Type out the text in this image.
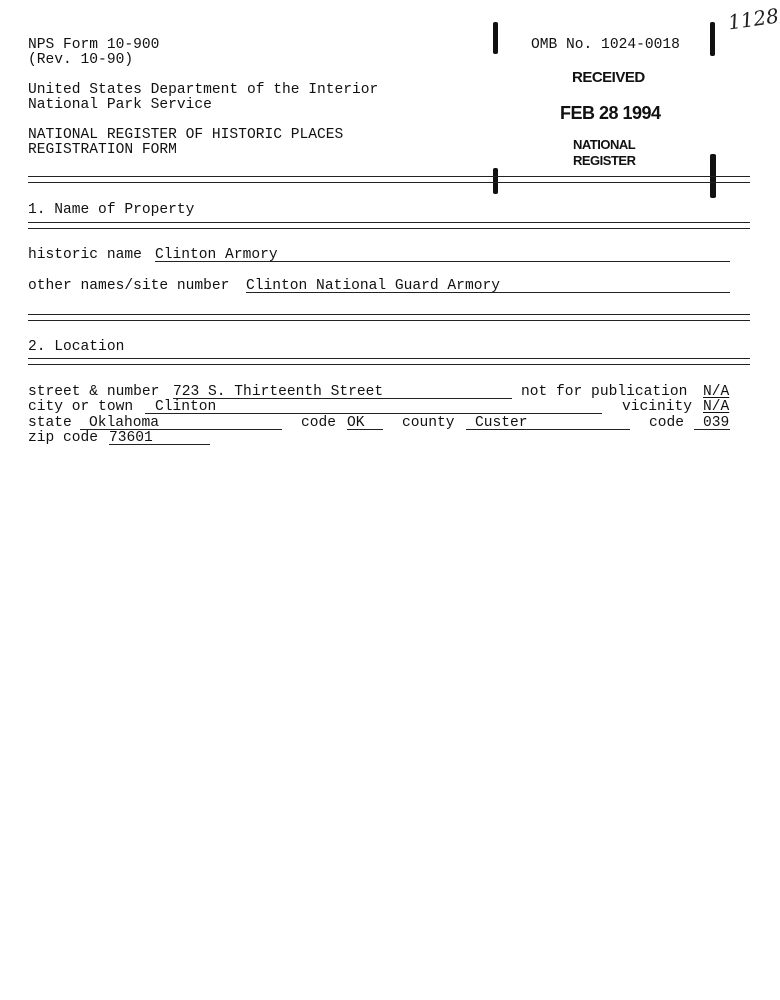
NPS Form 10-900
(Rev. 10-90)
OMB No. 1024-0018
United States Department of the Interior
National Park Service
NATIONAL REGISTER OF HISTORIC PLACES
REGISTRATION FORM
1128
RECEIVED
FEB 28 1994
NATIONAL
REGISTER
1. Name of Property
historic name Clinton Armory
other names/site number Clinton National Guard Armory
2. Location
street & number 723 S. Thirteenth Street	not for publication N/A
city or town Clinton	vicinity N/A
state Oklahoma	code OK	county Custer	code 039
zip code 73601
